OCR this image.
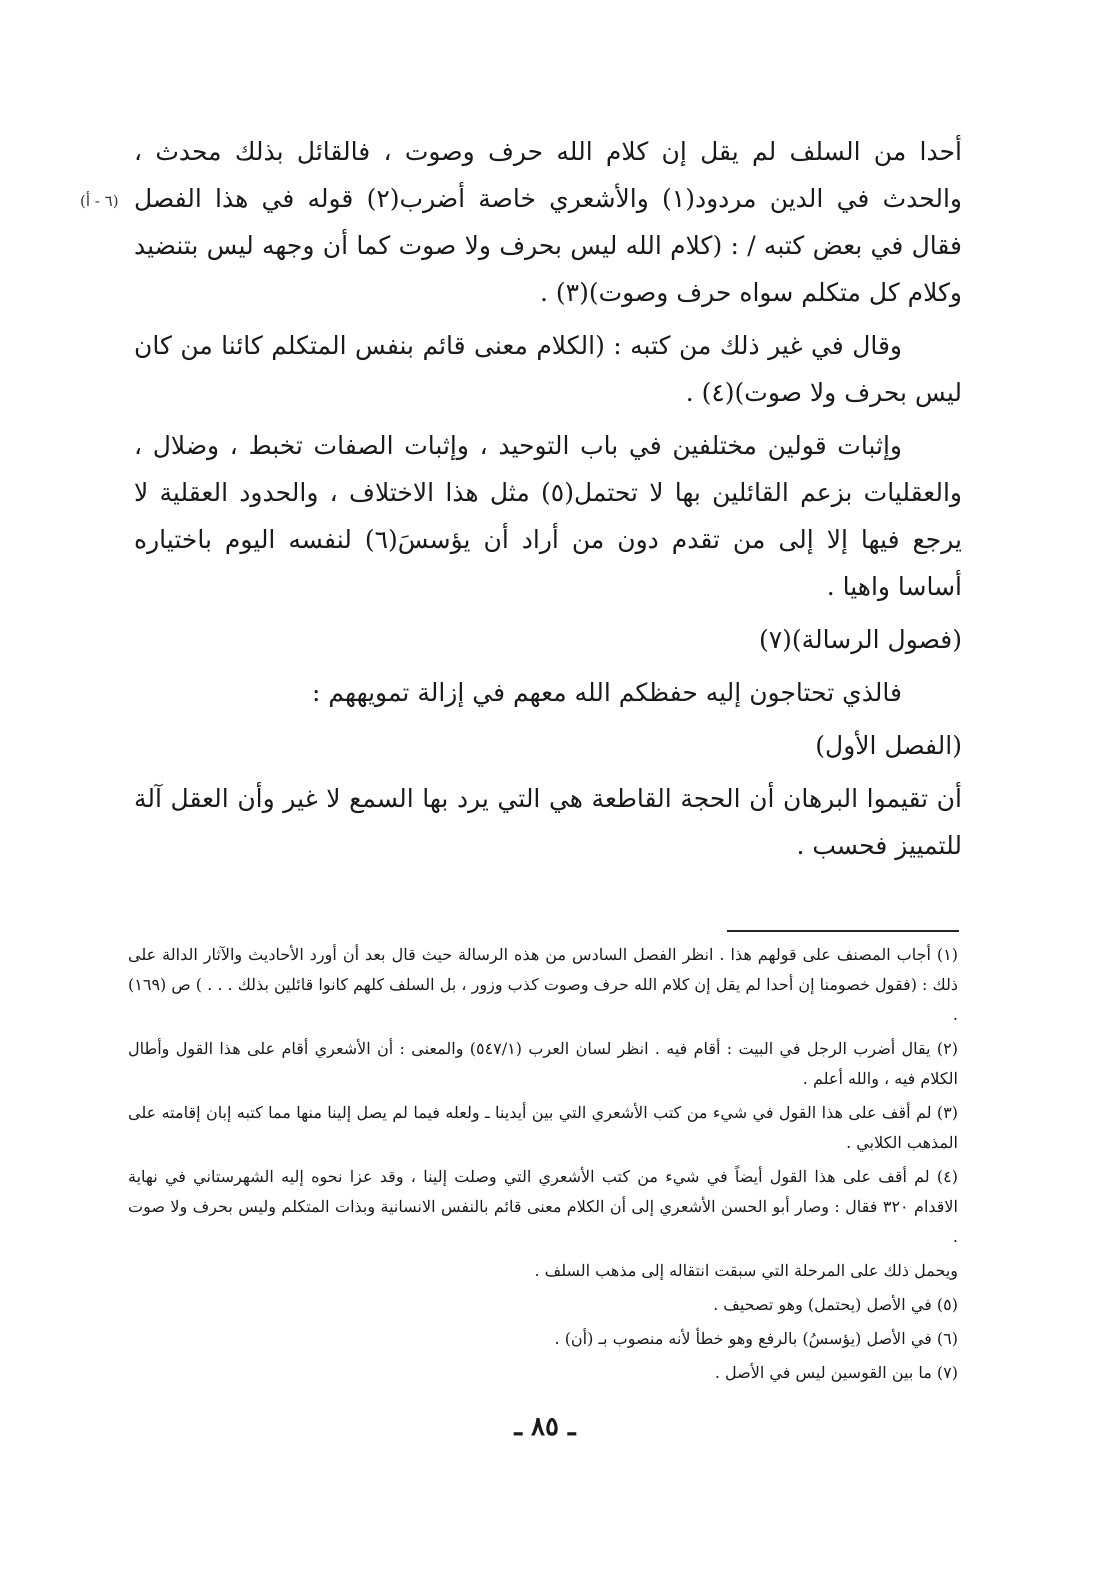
أحدا من السلف لم يقل إن كلام الله حرف وصوت ، فالقائل بذلك محدث ، والحدث في الدين مردود(١) والأشعري خاصة أضرب(٢) قوله في هذا الفصل فقال في بعض كتبه / : (كلام الله ليس بحرف ولا صوت كما أن وجهه ليس بتنضيد وكلام كل متكلم سواه حرف وصوت)(٣) .

وقال في غير ذلك من كتبه : (الكلام معنى قائم بنفس المتكلم كائنا من كان ليس بحرف ولا صوت)(٤) .

وإثبات قولين مختلفين في باب التوحيد ، وإثبات الصفات تخبط ، وضلال ، والعقليات بزعم القائلين بها لا تحتمل(٥) مثل هذا الاختلاف ، والحدود العقلية لا يرجع فيها إلا إلى من تقدم دون من أراد أن يؤسسَ(٦) لنفسه اليوم باختياره أساسا واهيا .

(فصول الرسالة)(٧)

فالذي تحتاجون إليه حفظكم الله معهم في إزالة تمويههم :

(الفصل الأول)

أن تقيموا البرهان أن الحجة القاطعة هي التي يرد بها السمع لا غير وأن العقل آلة للتمييز فحسب .

(٦ - أ)

(١) أجاب المصنف على قولهم هذا . انظر الفصل السادس من هذه الرسالة حيث قال بعد أن أورد الأحاديث والآثار الدالة على ذلك : (فقول خصومنا إن أحدا لم يقل إن كلام الله حرف وصوت كذب وزور ، بل السلف كلهم كانوا قائلين بذلك . . . ) ص (١٦٩) .

(٢) يقال أضرب الرجل في البيت : أقام فيه . انظر لسان العرب (٥٤٧/١) والمعنى : أن الأشعري أقام على هذا القول وأطال الكلام فيه ، والله أعلم .

(٣) لم أقف على هذا القول في شيء من كتب الأشعري التي بين أيدينا ـ ولعله فيما لم يصل إلينا منها مما كتبه إبان إقامته على المذهب الكلابي .

(٤) لم أقف على هذا القول أيضاً في شيء من كتب الأشعري التي وصلت إلينا ، وقد عزا نحوه إليه الشهرستاني في نهاية الاقدام ٣٢٠ فقال : وصار أبو الحسن الأشعري إلى أن الكلام معنى قائم بالنفس الانسانية وبذات المتكلم وليس بحرف ولا صوت .

ويحمل ذلك على المرحلة التي سبقت انتقاله إلى مذهب السلف .

(٥) في الأصل (يحتمل) وهو تصحيف .

(٦) في الأصل (يؤسسُ) بالرفع وهو خطأ لأنه منصوب بـ (أن) .

(٧) ما بين القوسين ليس في الأصل .

ـ ٨٥ ـ
